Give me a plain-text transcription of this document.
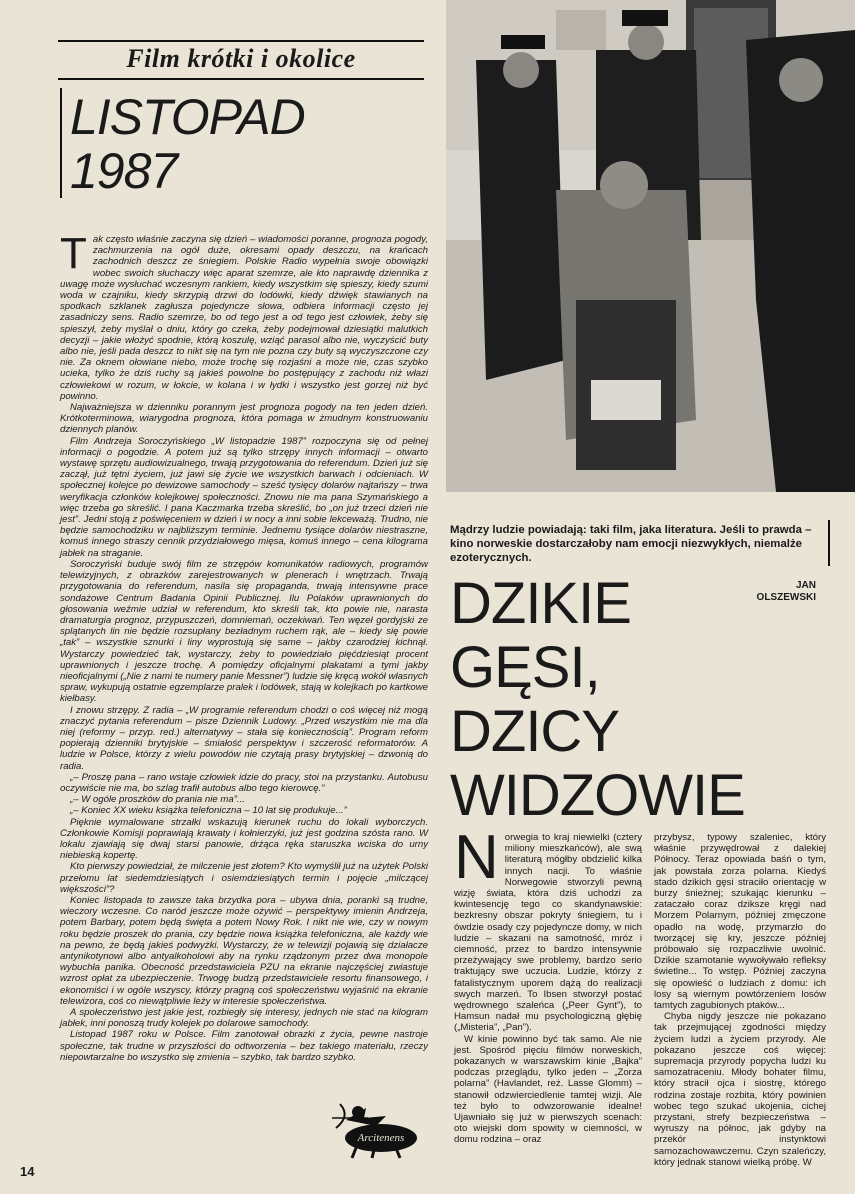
Film krótki i okolice
LISTOPAD
1987

Tak często właśnie zaczyna się dzień – wiadomości poranne, prognoza pogody, zachmurzenia na ogół duże, okresami opady deszczu, na krańcach zachodnich deszcz ze śniegiem. Polskie Radio wypełnia swoje obowiązki wobec swoich słuchaczy więc aparat szemrze, ale kto naprawdę dziennika z uwagę może wysłuchać wczesnym rankiem, kiedy wszystkim się spieszy, kiedy szumi woda w czajniku, kiedy skrzypią drzwi do lodówki, kiedy dźwięk stawianych na spodkach szklanek zagłusza pojedyncze słowa, odbiera informacji często jej zasadniczy sens. Radio szemrze, bo od tego jest a od tego jest człowiek, żeby się spieszył, żeby myślał o dniu, który go czeka, żeby podejmował dziesiątki malutkich decyzji – jakie włożyć spodnie, którą koszulę, wziąć parasol albo nie, wyczyścić buty albo nie, jeśli pada deszcz to nikt się na tym nie pozna czy buty są wyczyszczone czy nie. Za oknem ołowiane niebo, może trochę się rozjaśni a może nie, czas szybko ucieka, tylko że dziś ruchy są jakieś powolne bo postępujący z zachodu niż włazi człowiekowi w rozum, w łokcie, w kolana i w łydki i wszystko jest gorzej niż być powinno.

Najważniejsza w dzienniku porannym jest prognoza pogody na ten jeden dzień. Krótkoterminowa, wiarygodna prognoza, która pomaga w żmudnym konstruowaniu dziennych planów.

Film Andrzeja Soroczyńskiego „W listopadzie 1987” rozpoczyna się od pełnej informacji o pogodzie. A potem już są tylko strzępy innych informacji – otwarto wystawę sprzętu audiowizualnego, trwają przygotowania do referendum. Dzień już się zaczął, już tętni życiem, już jawi się życie we wszystkich barwach i odcieniach. W społecznej kolejce po dewizowe samochody – sześć tysięcy dolarów najtańszy – trwa weryfikacja członków kolejkowej społeczności. Znowu nie ma pana Szymańskiego a więc trzeba go skreślić. I pana Kaczmarka trzeba skreślić, bo „on już trzeci dzień nie jest”. Jedni stoją z poświęceniem w dzień i w nocy a inni sobie lekceważą. Trudno, nie będzie samochodziku w najbliższym terminie. Jednemu tysiące dolarów niestraszne, komuś innego straszy cennik przydziałowego mięsa, komuś innego – cena kilograma jabłek na straganie.

Soroczyński buduje swój film ze strzępów komunikatów radiowych, programów telewizyjnych, z obrazków zarejestrowanych w plenerach i wnętrzach. Trwają przygotowania do referendum, nasila się propaganda, trwają intensywne prace sondażowe Centrum Badania Opinii Publicznej. Ilu Polaków uprawnionych do głosowania weźmie udział w referendum, kto skreśli tak, kto powie nie, narasta dramaturgia prognoz, przypuszczeń, domniemań, oczekiwań. Ten węzeł gordyjski ze splątanych lin nie będzie rozsupłany bezładnym ruchem rąk, ale – kiedy się powie „tak” – wszystkie sznurki i liny wyprostują się same – jakby czarodziej kichnął. Wystarczy powiedzieć tak, wystarczy, żeby to powiedziało pięćdziesiąt procent uprawnionych i jeszcze trochę. A pomiędzy oficjalnymi plakatami a tymi jakby nieoficjalnymi („Nie z nami te numery panie Messner”) ludzie się kręcą wokół własnych spraw, wykupują ostatnie egzemplarze pralek i lodówek, stają w kolejkach po kartkowe kiełbasy.

I znowu strzępy. Z radia – „W programie referendum chodzi o coś więcej niż mogą znaczyć pytania referendum – pisze Dziennik Ludowy. „Przed wszystkim nie ma dla niej (reformy – przyp. red.) alternatywy – stała się koniecznością”. Program reform popierają dzienniki brytyjskie – śmiałość perspektyw i szczerość reformatorów. A ludzie w Polsce, którzy z wielu powodów nie czytają prasy brytyjskiej – dzwonią do radia.

„– Proszę pana – rano wstaje człowiek idzie do pracy, stoi na przystanku. Autobusu oczywiście nie ma, bo szlag trafił autobus albo tego kierowcę.”

„– W ogóle proszków do prania nie ma”...

„– Koniec XX wieku książka telefoniczna – 10 lat się produkuje...”

Pięknie wymalowane strzałki wskazują kierunek ruchu do lokali wyborczych. Członkowie Komisji poprawiają krawaty i kołnierzyki, już jest godzina szósta rano. W lokalu zjawiają się dwaj starsi panowie, drżąca ręka staruszka wciska do urny niebieską kopertę.

Kto pierwszy powiedział, że milczenie jest złotem? Kto wymyślił już na użytek Polski przełomu lat siedemdziesiątych i osiemdziesiątych termin i pojęcie „milczącej większości”?

Koniec listopada to zawsze taka brzydka pora – ubywa dnia, poranki są trudne, wieczory wczesne. Co naród jeszcze może ożywić – perspektywy imienin Andrzeja, potem Barbary, potem będą święta a potem Nowy Rok. I nikt nie wie, czy w nowym roku będzie proszek do prania, czy będzie nowa książka telefoniczna, ale każdy wie na pewno, że będą jakieś podwyżki. Wystarczy, że w telewizji pojawią się działacze antynikotynowi albo antyalkoholowi aby na rynku rządzonym przez dwa monopole wybuchła panika. Obecność przedstawiciela PZU na ekranie najczęściej zwiastuje wzrost opłat za ubezpieczenie. Trwogę budzą przedstawiciele resortu finansowego, i ekonomiści i w ogóle wszyscy, którzy pragną coś społeczeństwu wyjaśnić na ekranie telewizora, coś co niewątpliwie leży w interesie społeczeństwa.

A społeczeństwo jest jakie jest, rozbiegły się interesy, jednych nie stać na kilogram jabłek, inni ponoszą trudy kolejek po dolarowe samochody.

Listopad 1987 roku w Polsce. Film zanotował obrazki z życia, pewne nastroje społeczne, tak trudne w przyszłości do odtworzenia – bez takiego materiału, rzeczy niepowtarzalne bo wszystko się zmienia – szybko, tak bardzo szybko.

Arcitenens
14
Mądrzy ludzie powiadają: taki film, jaka literatura. Jeśli to prawda – kino norweskie dostarczałoby nam emocji niezwykłych, niemalże ezoterycznych.
JAN
OLSZEWSKI
DZIKIE
GĘSI,
DZICY
WIDZOWIE

Norwegia to kraj niewielki (cztery miliony mieszkańców), ale swą literaturą mógłby obdzielić kilka innych nacji. To właśnie Norwegowie stworzyli pewną wizję świata, która dziś uchodzi za kwintesencję tego co skandynawskie: bezkresny obszar pokryty śniegiem, tu i ówdzie osady czy pojedyncze domy, w nich ludzie – skazani na samotność, mróz i ciemność, przez to bardzo intensywnie przeżywający swe problemy, bardzo serio traktujący swe uczucia. Ludzie, którzy z fatalistycznym uporem dążą do realizacji swych marzeń. To Ibsen stworzył postać wędrownego szaleńca („Peer Gynt”), to Hamsun nadał mu psychologiczną głębię („Misteria”, „Pan”).

W kinie powinno być tak samo. Ale nie jest. Spośród pięciu filmów norweskich, pokazanych w warszawskim kinie „Bajka” podczas przeglądu, tylko jeden – „Zorza polarna” (Havlandet, reż. Lasse Glomm) – stanowił odzwierciedlenie tamtej wizji. Ale też było to odwzorowanie idealne! Ujawniało się już w pierwszych scenach: oto wiejski dom spowity w ciemności, w domu rodzina – oraz

przybysz, typowy szaleniec, który właśnie przywędrował z dalekiej Północy. Teraz opowiada baśń o tym, jak powstała zorza polarna. Kiedyś stado dzikich gęsi straciło orientację w burzy śnieżnej; szukając kierunku – zataczało coraz dziksze kręgi nad Morzem Polarnym, później zmęczone opadło na wodę, przymarzło do tworzącej się kry, jeszcze później próbowało się rozpaczliwie uwolnić. Dzikie szamotanie wywoływało refleksy świetlne... To wstęp. Później zaczyna się opowieść o ludziach z domu: ich losy są wiernym powtórzeniem losów tamtych zagubionych ptaków...

Chyba nigdy jeszcze nie pokazano tak przejmującej zgodności między życiem ludzi a życiem przyrody. Ale pokazano jeszcze coś więcej: supremacja przyrody popycha ludzi ku samozatraceniu. Młody bohater filmu, który stracił ojca i siostrę, którego rodzina zostaje rozbita, który powinien wobec tego szukać ukojenia, cichej przystani, strefy bezpieczeństwa – wyruszy na północ, jak gdyby na przekór instynktowi samozachowawczemu. Czyn szaleńczy, który jednak stanowi wielką próbę. W
